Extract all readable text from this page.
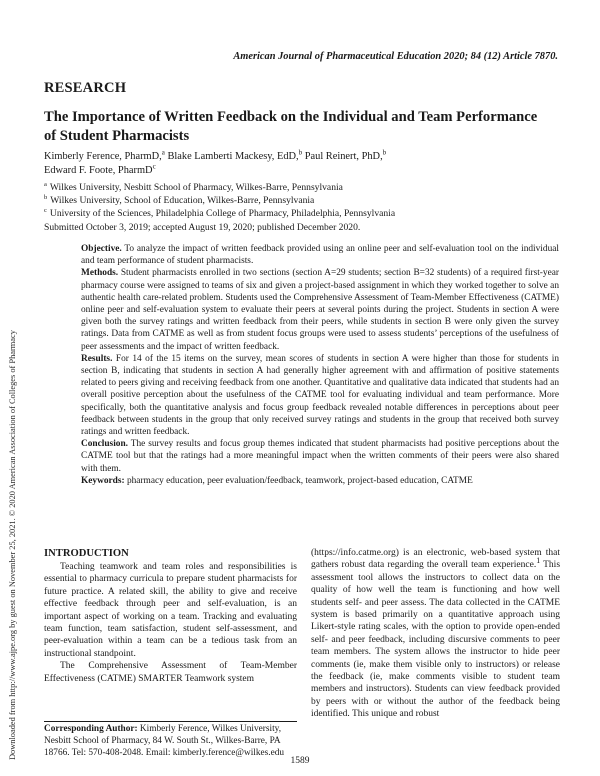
American Journal of Pharmaceutical Education 2020; 84 (12) Article 7870.
RESEARCH
The Importance of Written Feedback on the Individual and Team Performance of Student Pharmacists
Kimberly Ference, PharmD,$^a$ Blake Lamberti Mackesy, EdD,$^b$ Paul Reinert, PhD,$^b$
Edward F. Foote, PharmD$^c$
$^a$ Wilkes University, Nesbitt School of Pharmacy, Wilkes-Barre, Pennsylvania
$^b$ Wilkes University, School of Education, Wilkes-Barre, Pennsylvania
$^c$ University of the Sciences, Philadelphia College of Pharmacy, Philadelphia, Pennsylvania
Submitted October 3, 2019; accepted August 19, 2020; published December 2020.

Objective. To analyze the impact of written feedback provided using an online peer and self-evaluation tool on the individual and team performance of student pharmacists.

Methods. Student pharmacists enrolled in two sections (section A=29 students; section B=32 students) of a required first-year pharmacy course were assigned to teams of six and given a project-based assignment in which they worked together to solve an authentic health care-related problem. Students used the Comprehensive Assessment of Team-Member Effectiveness (CATME) online peer and self-evaluation system to evaluate their peers at several points during the project. Students in section A were given both the survey ratings and written feedback from their peers, while students in section B were only given the survey ratings. Data from CATME as well as from student focus groups were used to assess students’ perceptions of the usefulness of peer assessments and the impact of written feedback.

Results. For 14 of the 15 items on the survey, mean scores of students in section A were higher than those for students in section B, indicating that students in section A had generally higher agreement with and affirmation of positive statements related to peers giving and receiving feedback from one another. Quantitative and qualitative data indicated that students had an overall positive perception about the usefulness of the CATME tool for evaluating individual and team performance. More specifically, both the quantitative analysis and focus group feedback revealed notable differences in perceptions about peer feedback between students in the group that only received survey ratings and students in the group that received both survey ratings and written feedback.

Conclusion. The survey results and focus group themes indicated that student pharmacists had positive perceptions about the CATME tool but that the ratings had a more meaningful impact when the written comments of their peers were also shared with them.

Keywords: pharmacy education, peer evaluation/feedback, teamwork, project-based education, CATME

INTRODUCTION

Teaching teamwork and team roles and responsibilities is essential to pharmacy curricula to prepare student pharmacists for future practice. A related skill, the ability to give and receive effective feedback through peer and self-evaluation, is an important aspect of working on a team. Tracking and evaluating team function, team satisfaction, student self-assessment, and peer-evaluation within a team can be a tedious task from an instructional standpoint.

The Comprehensive Assessment of Team-Member Effectiveness (CATME) SMARTER Teamwork system

(https://info.catme.org) is an electronic, web-based system that gathers robust data regarding the overall team experience.$^1$ This assessment tool allows the instructors to collect data on the quality of how well the team is functioning and how well students self- and peer assess. The data collected in the CATME system is based primarily on a quantitative approach using Likert-style rating scales, with the option to provide open-ended self- and peer feedback, including discursive comments to peer team members. The system allows the instructor to hide peer comments (ie, make them visible only to instructors) or release the feedback (ie, make comments visible to student team members and instructors). Students can view feedback provided by peers with or without the author of the feedback being identified. This unique and robust

Corresponding Author: Kimberly Ference, Wilkes University, Nesbitt School of Pharmacy, 84 W. South St., Wilkes-Barre, PA 18766. Tel: 570-408-2048. Email: kimberly.ference@wilkes.edu
1589
Downloaded from http://www.ajpe.org by guest on November 25, 2021. © 2020 American Association of Colleges of Pharmacy
